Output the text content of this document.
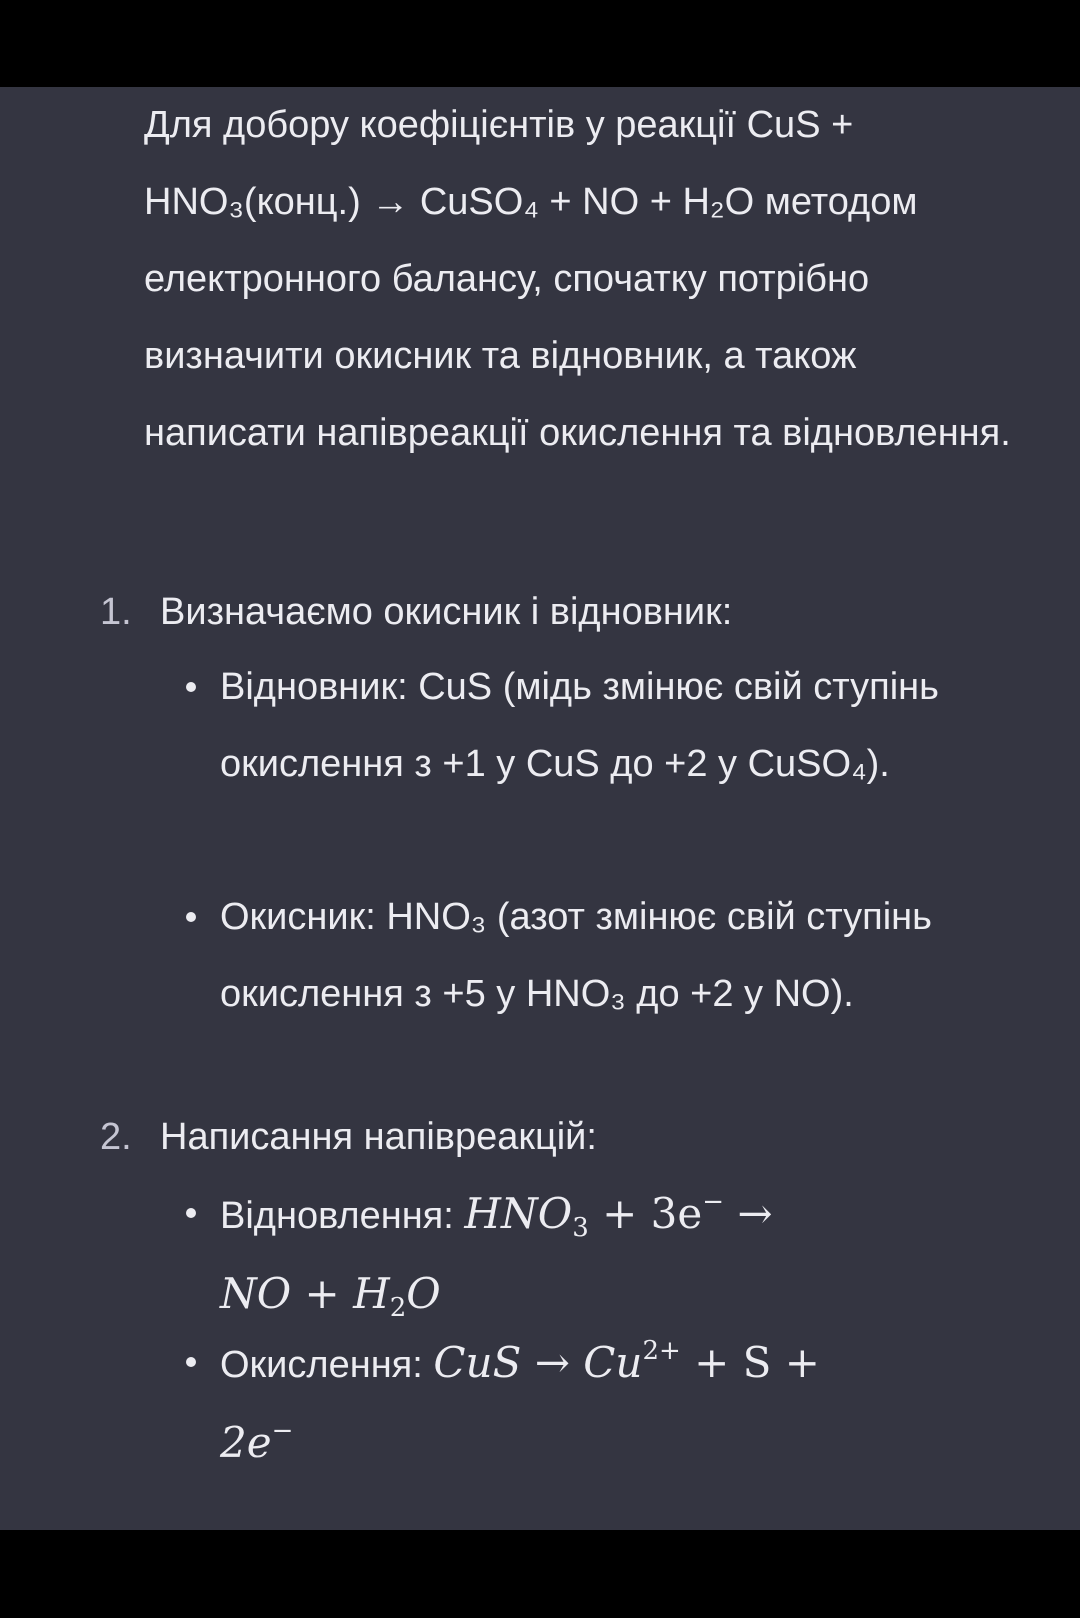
Для добору коефіцієнтів у реакції CuS + HNO₃(конц.) → CuSO₄ + NO + H₂O методом електронного балансу, спочатку потрібно визначити окисник та відновник, а також написати напівреакції окислення та відновлення.

1. Визначаємо окисник і відновник:
Відновник: CuS (мідь змінює свій ступінь окислення з +1 у CuS до +2 у CuSO₄).
Окисник: HNO₃ (азот змінює свій ступінь окислення з +5 у HNO₃ до +2 у NO).
2. Написання напівреакцій:
Відновлення: $HNO_3 + 3e^-$ →
NO + $H_2O$
Окислення: CuS → $Cu^{2+} + S$ +
2e−
